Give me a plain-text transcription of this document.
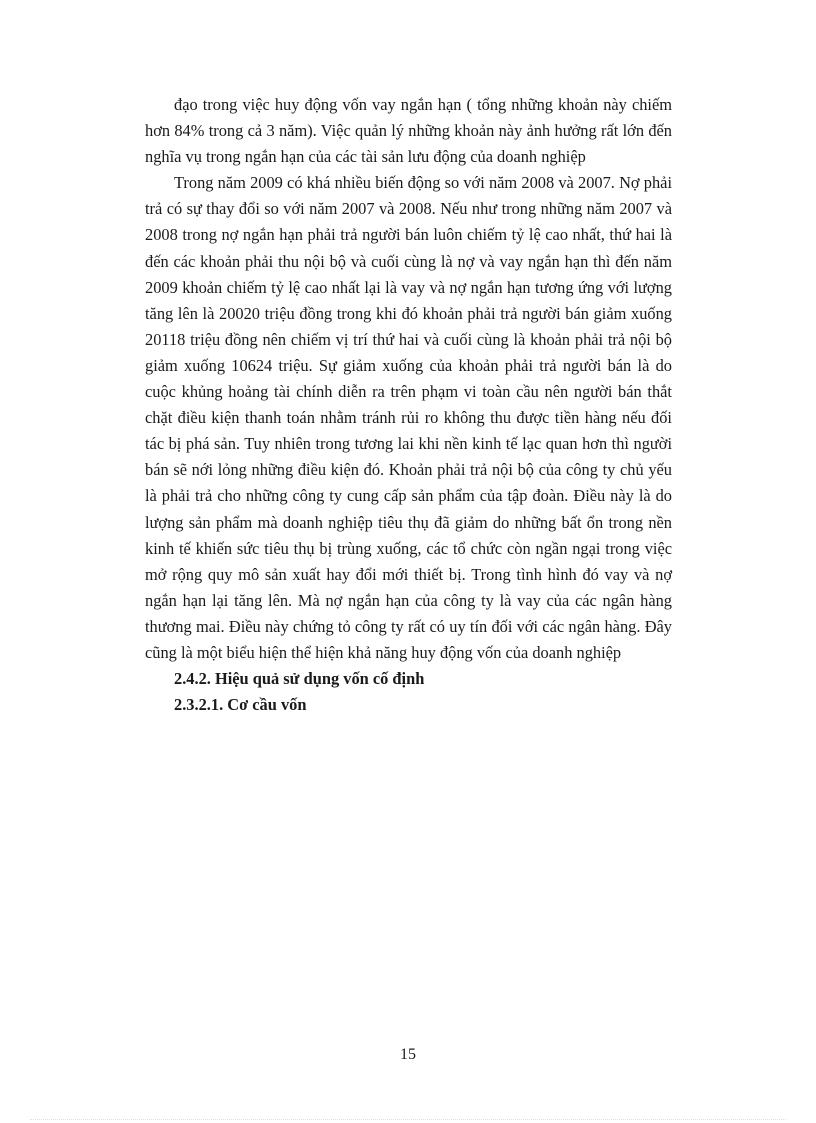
đạo trong việc huy động vốn vay ngắn hạn ( tổng những khoản này chiếm hơn 84% trong cả 3 năm). Việc quản lý những khoản này ảnh hưởng rất lớn đến nghĩa vụ trong ngắn hạn của các tài sản lưu động của doanh nghiệp

Trong năm 2009 có khá nhiều biến động so với năm 2008 và 2007. Nợ phải trả có sự thay đổi so với năm 2007 và 2008. Nếu như trong những năm 2007 và 2008 trong nợ ngắn hạn phải trả người bán luôn chiếm tỷ lệ cao nhất, thứ hai là đến các khoản phải thu nội bộ và cuối cùng là nợ và vay ngắn hạn thì đến năm 2009 khoản chiếm tỷ lệ cao nhất lại là vay và nợ ngắn hạn tương ứng với lượng tăng lên là 20020 triệu đồng trong khi đó khoản phải trả người bán giảm xuống 20118 triệu đồng nên chiếm vị trí thứ hai và cuối cùng là khoản phải trả nội bộ giảm xuống 10624 triệu. Sự giảm xuống của khoản phải trả người bán là do cuộc khủng hoảng tài chính diễn ra trên phạm vi toàn cầu nên người bán thắt chặt điều kiện thanh toán nhằm tránh rủi ro không thu được tiền hàng nếu đối tác bị phá sản. Tuy nhiên trong tương lai khi nền kinh tế lạc quan hơn thì người bán sẽ nới lỏng những điều kiện đó. Khoản phải trả nội bộ của công ty chủ yếu là phải trả cho những công ty cung cấp sản phẩm của tập đoàn. Điều này là do lượng sản phẩm mà doanh nghiệp tiêu thụ đã giảm do những bất ổn trong nền kinh tế khiến sức tiêu thụ bị trùng xuống, các tổ chức còn ngần ngại trong việc mở rộng quy mô sản xuất hay đổi mới thiết bị. Trong tình hình đó vay và nợ ngắn hạn lại tăng lên. Mà nợ ngắn hạn của công ty là vay của các ngân hàng thương mai. Điều này chứng tỏ công ty rất có uy tín đối với các ngân hàng. Đây cũng là một biểu hiện thể hiện khả năng huy động vốn của doanh nghiệp

2.4.2. Hiệu quả sử dụng vốn cố định

2.3.2.1. Cơ cầu vốn

15
